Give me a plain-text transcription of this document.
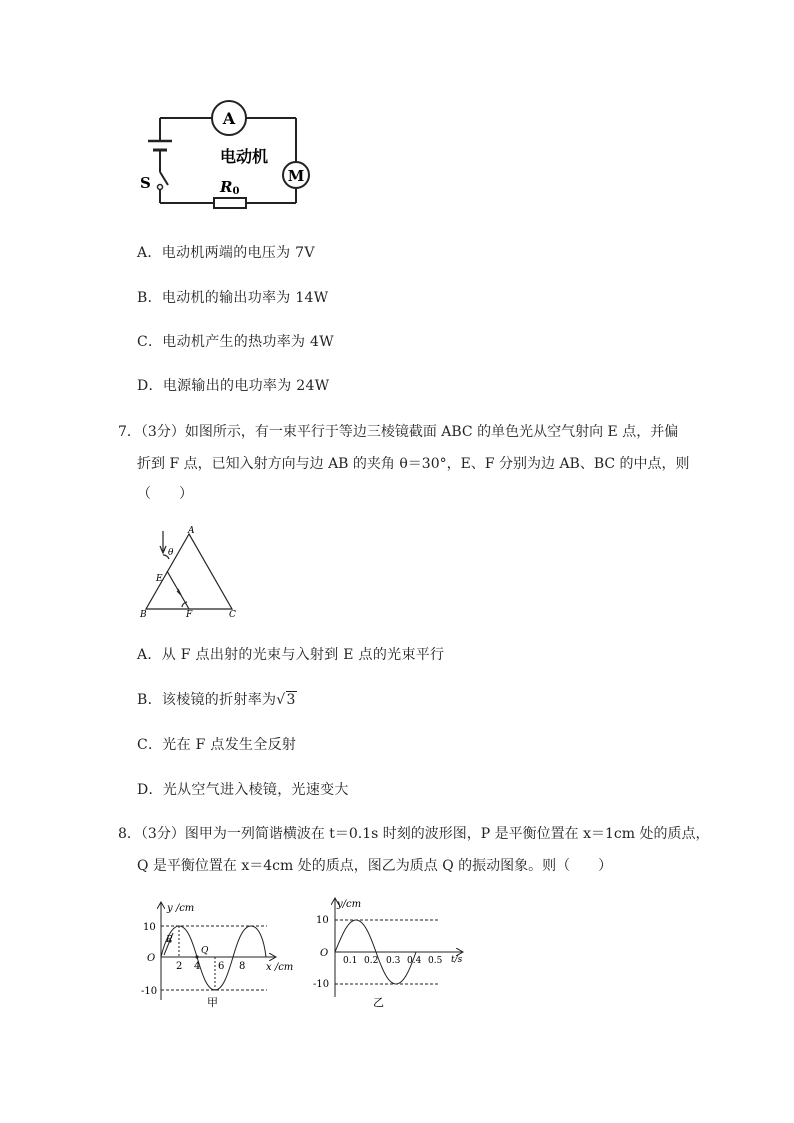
A
M
R0
S
电动机
A．电动机两端的电压为 7V
B．电动机的输出功率为 14W
C．电动机产生的热功率为 4W
D．电源输出的电功率为 24W
7．（3分）如图所示，有一束平行于等边三棱镜截面 ABC 的单色光从空气射向 E 点，并偏
折到 F 点，已知入射方向与边 AB 的夹角 θ＝30°，E、F 分别为边 AB、BC 的中点，则
（　　）
A
B	C
E
F
θ
A．从 F 点出射的光束与入射到 E 点的光束平行
B．该棱镜的折射率为√3
C．光在 F 点发生全反射
D．光从空气进入棱镜，光速变大
8．（3分）图甲为一列简谐横波在 t＝0.1s 时刻的波形图，P 是平衡位置在 x＝1cm 处的质点，
Q 是平衡位置在 x＝4cm 处的质点，图乙为质点 Q 的振动图象。则（　　）
y /cm
x /cm
O
10
-10
2 4 6 8
P
Q
甲
y/cm
t/s
O
10
-10
0.1 0.2 0.3 0.4 0.5
乙
